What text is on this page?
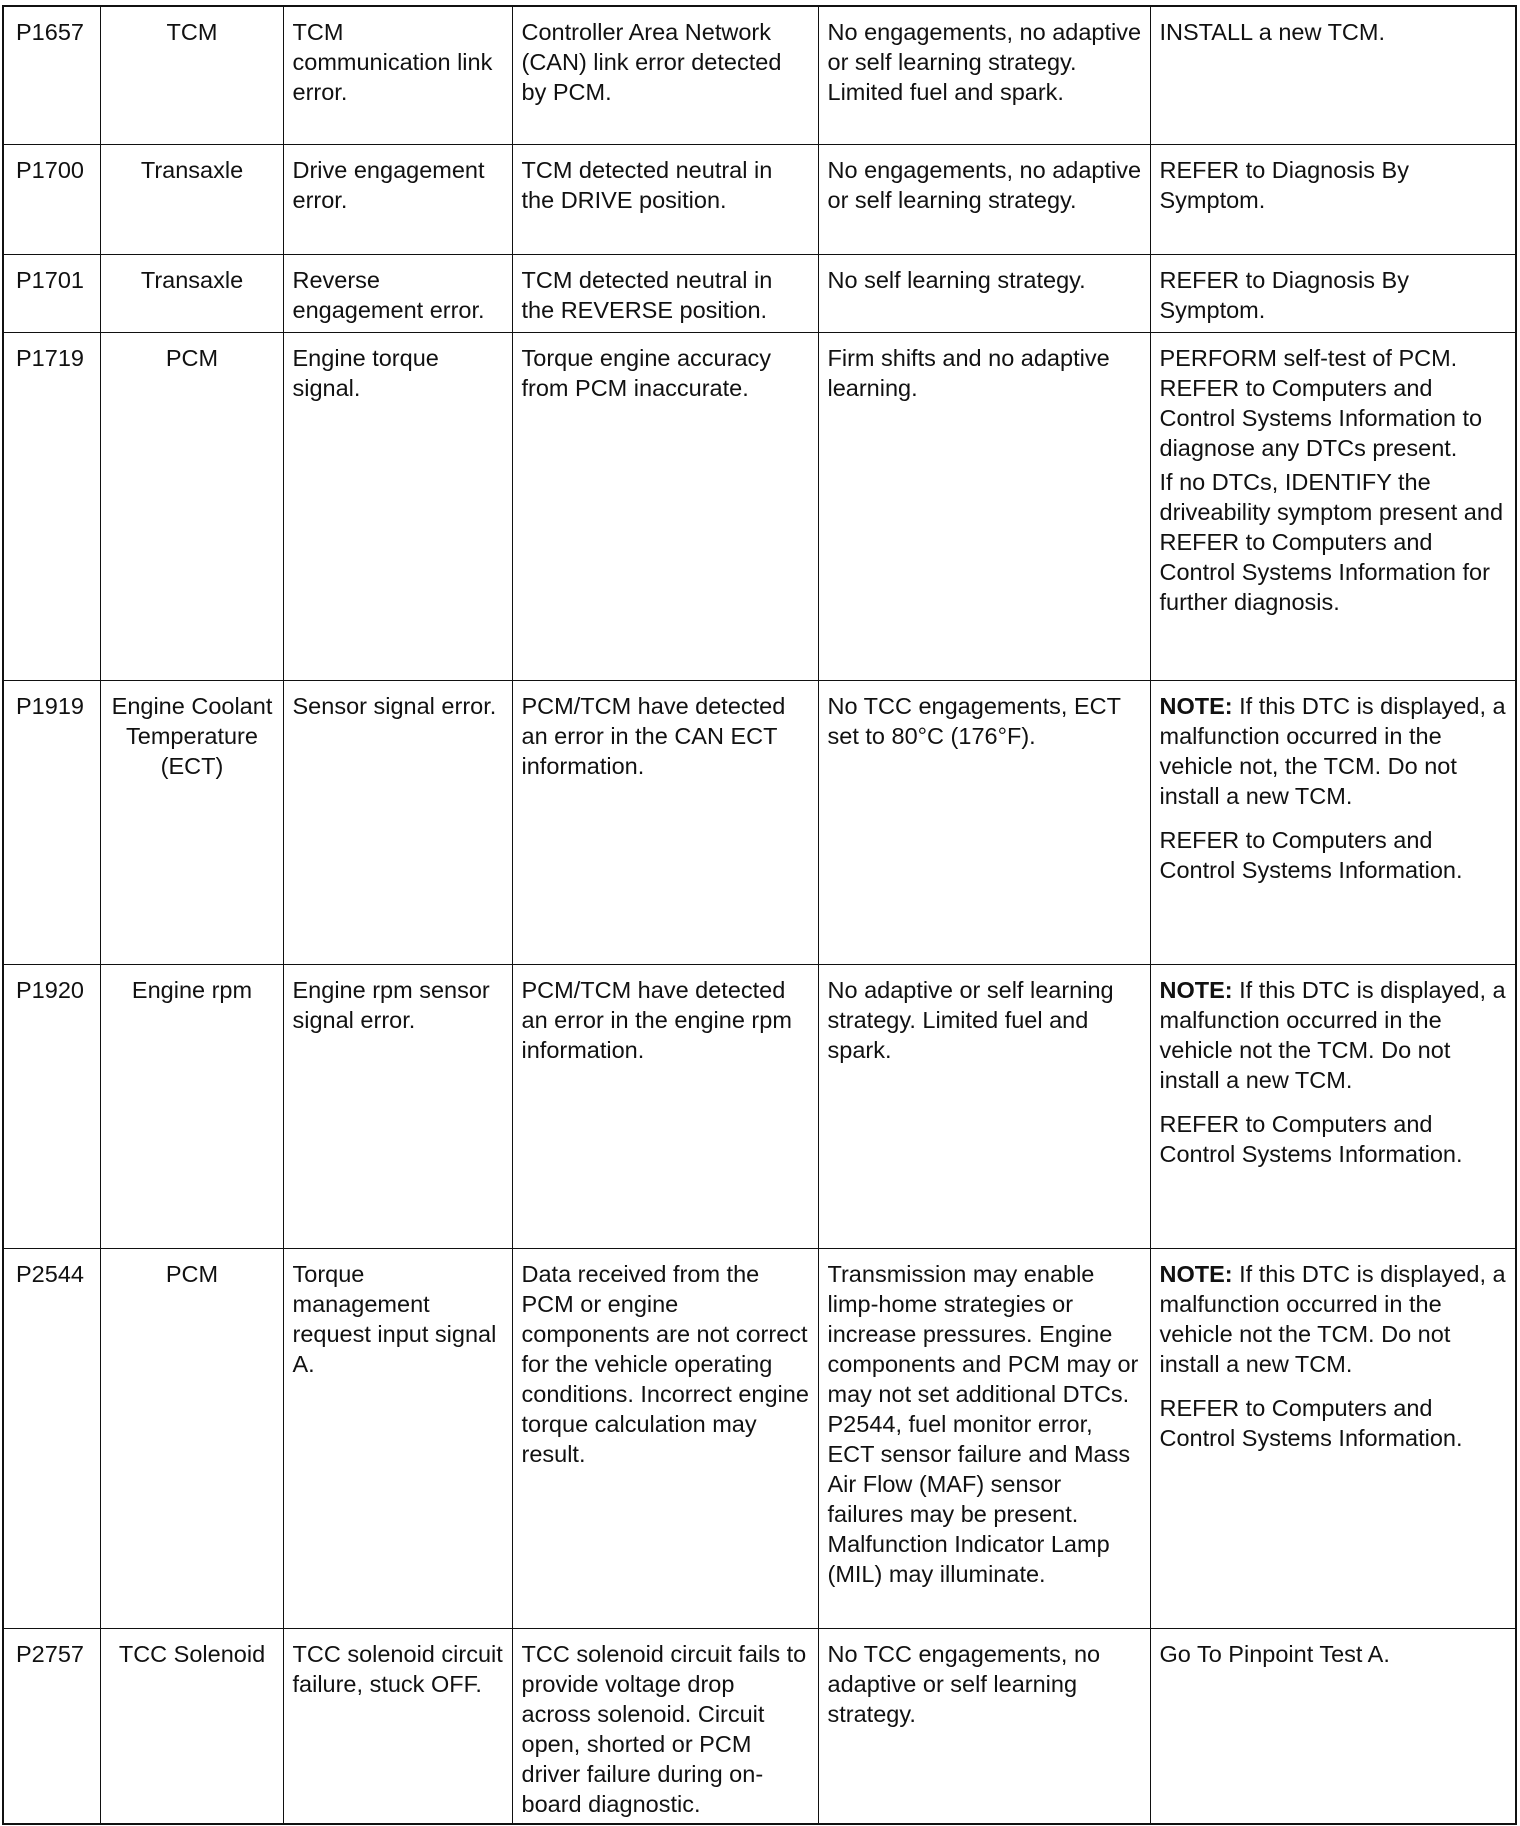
P1657	TCM	TCM communication link error.	Controller Area Network (CAN) link error detected by PCM.	No engagements, no adaptive or self learning strategy. Limited fuel and spark.	INSTALL a new TCM.
P1700	Transaxle	Drive engagement error.	TCM detected neutral in the DRIVE position.	No engagements, no adaptive or self learning strategy.	REFER to Diagnosis By Symptom.
P1701	Transaxle	Reverse engagement error.	TCM detected neutral in the REVERSE position.	No self learning strategy.	REFER to Diagnosis By Symptom.
P1719	PCM	Engine torque signal.	Torque engine accuracy from PCM inaccurate.	Firm shifts and no adaptive learning.	PERFORM self-test of PCM. REFER to Computers and Control Systems Information to diagnose any DTCs present.
If no DTCs, IDENTIFY the driveability symptom present and REFER to Computers and Control Systems Information for further diagnosis.

P1919	Engine Coolant Temperature (ECT)	Sensor signal error.	PCM/TCM have detected an error in the CAN ECT information.	No TCC engagements, ECT set to 80°C (176°F).	NOTE: If this DTC is displayed, a malfunction occurred in the vehicle not, the TCM. Do not install a new TCM.
REFER to Computers and Control Systems Information.

P1920	Engine rpm	Engine rpm sensor signal error.	PCM/TCM have detected an error in the engine rpm information.	No adaptive or self learning strategy. Limited fuel and spark.	NOTE: If this DTC is displayed, a malfunction occurred in the vehicle not the TCM. Do not install a new TCM.
REFER to Computers and Control Systems Information.

P2544	PCM	Torque management request input signal A.	Data received from the PCM or engine components are not correct for the vehicle operating conditions. Incorrect engine torque calculation may result.	Transmission may enable limp-home strategies or increase pressures. Engine components and PCM may or may not set additional DTCs. P2544, fuel monitor error, ECT sensor failure and Mass Air Flow (MAF) sensor failures may be present. Malfunction Indicator Lamp (MIL) may illuminate.	NOTE: If this DTC is displayed, a malfunction occurred in the vehicle not the TCM. Do not install a new TCM.
REFER to Computers and Control Systems Information.

P2757	TCC Solenoid	TCC solenoid circuit failure, stuck OFF.	TCC solenoid circuit fails to provide voltage drop across solenoid. Circuit open, shorted or PCM driver failure during on-board diagnostic.	No TCC engagements, no adaptive or self learning strategy.	Go To Pinpoint Test A.
